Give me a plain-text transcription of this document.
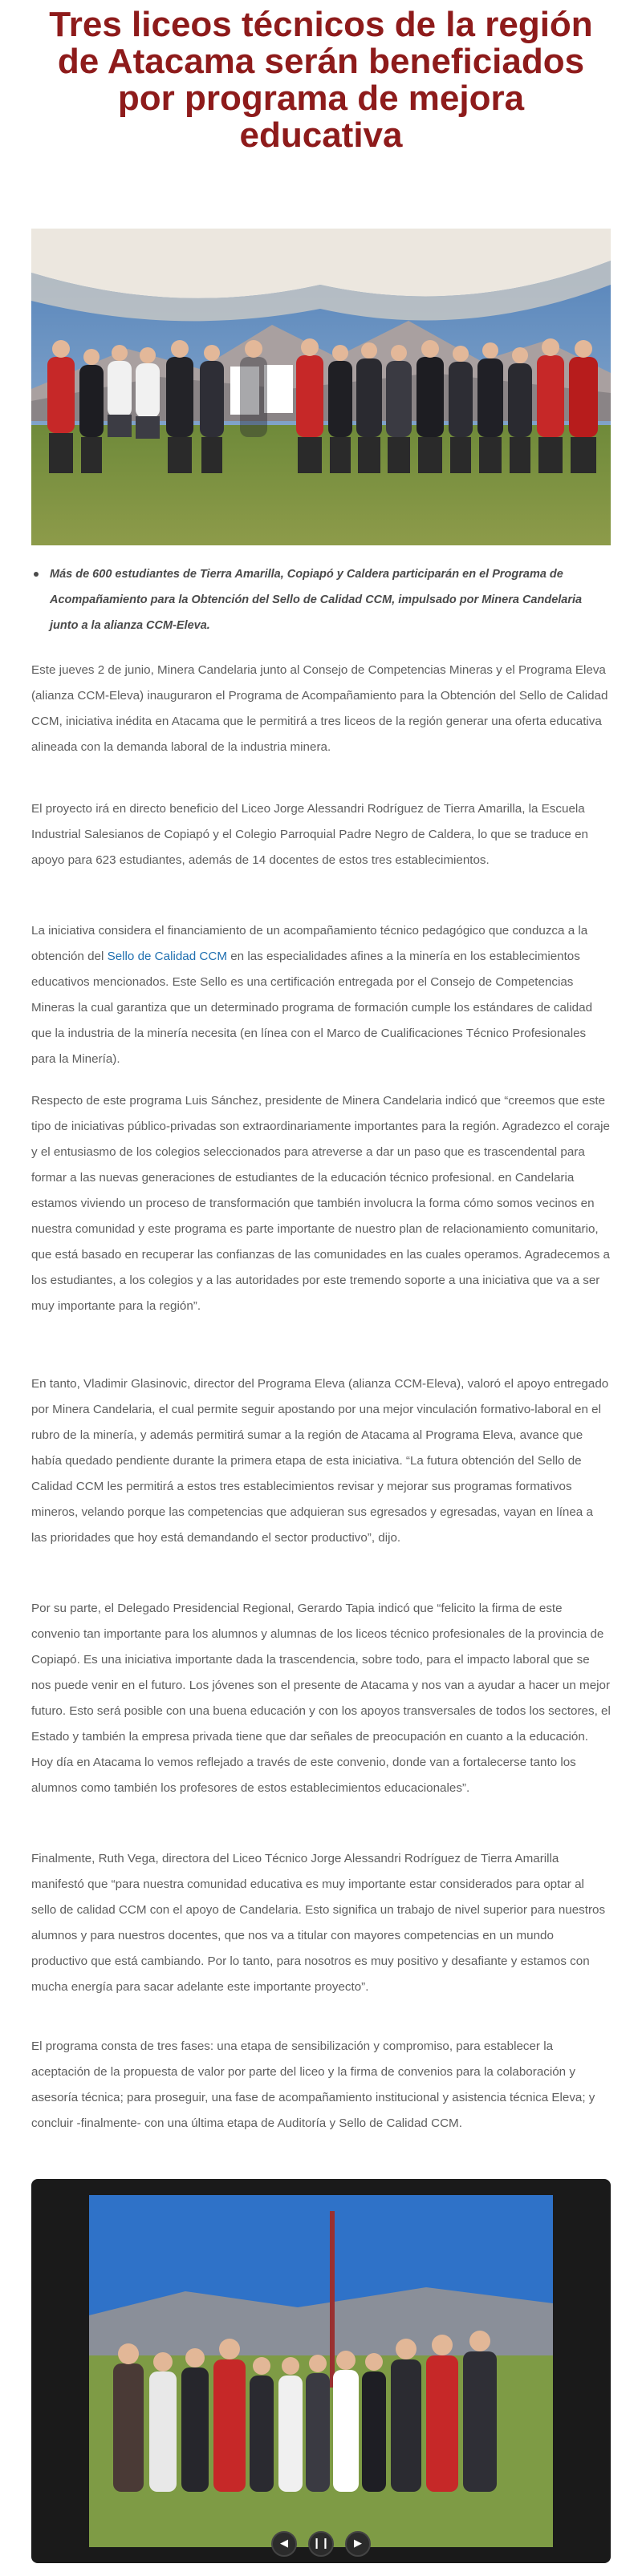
Tres liceos técnicos de la región de Atacama serán beneficiados por programa de mejora educativa
Más de 600 estudiantes de Tierra Amarilla, Copiapó y Caldera participarán en el Programa de Acompañamiento para la Obtención del Sello de Calidad CCM, impulsado por Minera Candelaria junto a la alianza CCM-Eleva.

Este jueves 2 de junio, Minera Candelaria junto al Consejo de Competencias Mineras y el Programa Eleva (alianza CCM-Eleva) inauguraron el Programa de Acompañamiento para la Obtención del Sello de Calidad CCM, iniciativa inédita en Atacama que le permitirá a tres liceos de la región generar una oferta educativa alineada con la demanda laboral de la industria minera.

El proyecto irá en directo beneficio del Liceo Jorge Alessandri Rodríguez de Tierra Amarilla, la Escuela Industrial Salesianos de Copiapó y el Colegio Parroquial Padre Negro de Caldera, lo que se traduce en apoyo para 623 estudiantes, además de 14 docentes de estos tres establecimientos.

La iniciativa considera el financiamiento de un acompañamiento técnico pedagógico que conduzca a la obtención del Sello de Calidad CCM en las especialidades afines a la minería en los establecimientos educativos mencionados. Este Sello es una certificación entregada por el Consejo de Competencias Mineras la cual garantiza que un determinado programa de formación cumple los estándares de calidad que la industria de la minería necesita (en línea con el Marco de Cualificaciones Técnico Profesionales para la Minería).

Respecto de este programa Luis Sánchez, presidente de Minera Candelaria indicó que “creemos que este tipo de iniciativas público-privadas son extraordinariamente importantes para la región. Agradezco el coraje y el entusiasmo de los colegios seleccionados para atreverse a dar un paso que es trascendental para formar a las nuevas generaciones de estudiantes de la educación técnico profesional. en Candelaria estamos viviendo un proceso de transformación que también involucra la forma cómo somos vecinos en nuestra comunidad y este programa es parte importante de nuestro plan de relacionamiento comunitario, que está basado en recuperar las confianzas de las comunidades en las cuales operamos. Agradecemos a los estudiantes, a los colegios y a las autoridades por este tremendo soporte a una iniciativa que va a ser muy importante para la región”.

En tanto, Vladimir Glasinovic, director del Programa Eleva (alianza CCM-Eleva), valoró el apoyo entregado por Minera Candelaria, el cual permite seguir apostando por una mejor vinculación formativo-laboral en el rubro de la minería, y además permitirá sumar a la región de Atacama al Programa Eleva, avance que había quedado pendiente durante la primera etapa de esta iniciativa. “La futura obtención del Sello de Calidad CCM les permitirá a estos tres establecimientos revisar y mejorar sus programas formativos mineros, velando porque las competencias que adquieran sus egresados y egresadas, vayan en línea a las prioridades que hoy está demandando el sector productivo”, dijo.

Por su parte, el Delegado Presidencial Regional, Gerardo Tapia indicó que “felicito la firma de este convenio tan importante para los alumnos y alumnas de los liceos técnico profesionales de la provincia de Copiapó. Es una iniciativa importante dada la trascendencia, sobre todo, para el impacto laboral que se nos puede venir en el futuro. Los jóvenes son el presente de Atacama y nos van a ayudar a hacer un mejor futuro. Esto será posible con una buena educación y con los apoyos transversales de todos los sectores, el Estado y también la empresa privada tiene que dar señales de preocupación en cuanto a la educación. Hoy día en Atacama lo vemos reflejado a través de este convenio, donde van a fortalecerse tanto los alumnos como también los profesores de estos establecimientos educacionales”.

Finalmente, Ruth Vega, directora del Liceo Técnico Jorge Alessandri Rodríguez de Tierra Amarilla manifestó que “para nuestra comunidad educativa es muy importante estar considerados para optar al sello de calidad CCM con el apoyo de Candelaria. Esto significa un trabajo de nivel superior para nuestros alumnos y para nuestros docentes, que nos va a titular con mayores competencias en un mundo productivo que está cambiando. Por lo tanto, para nosotros es muy positivo y desafiante y estamos con mucha energía para sacar adelante este importante proyecto”.

El programa consta de tres fases: una etapa de sensibilización y compromiso, para establecer la aceptación de la propuesta de valor por parte del liceo y la firma de convenios para la colaboración y asesoría técnica; para proseguir, una fase de acompañamiento institucional y asistencia técnica Eleva; y concluir -finalmente- con una última etapa de Auditoría y Sello de Calidad CCM.

◀	❙❙	▶
